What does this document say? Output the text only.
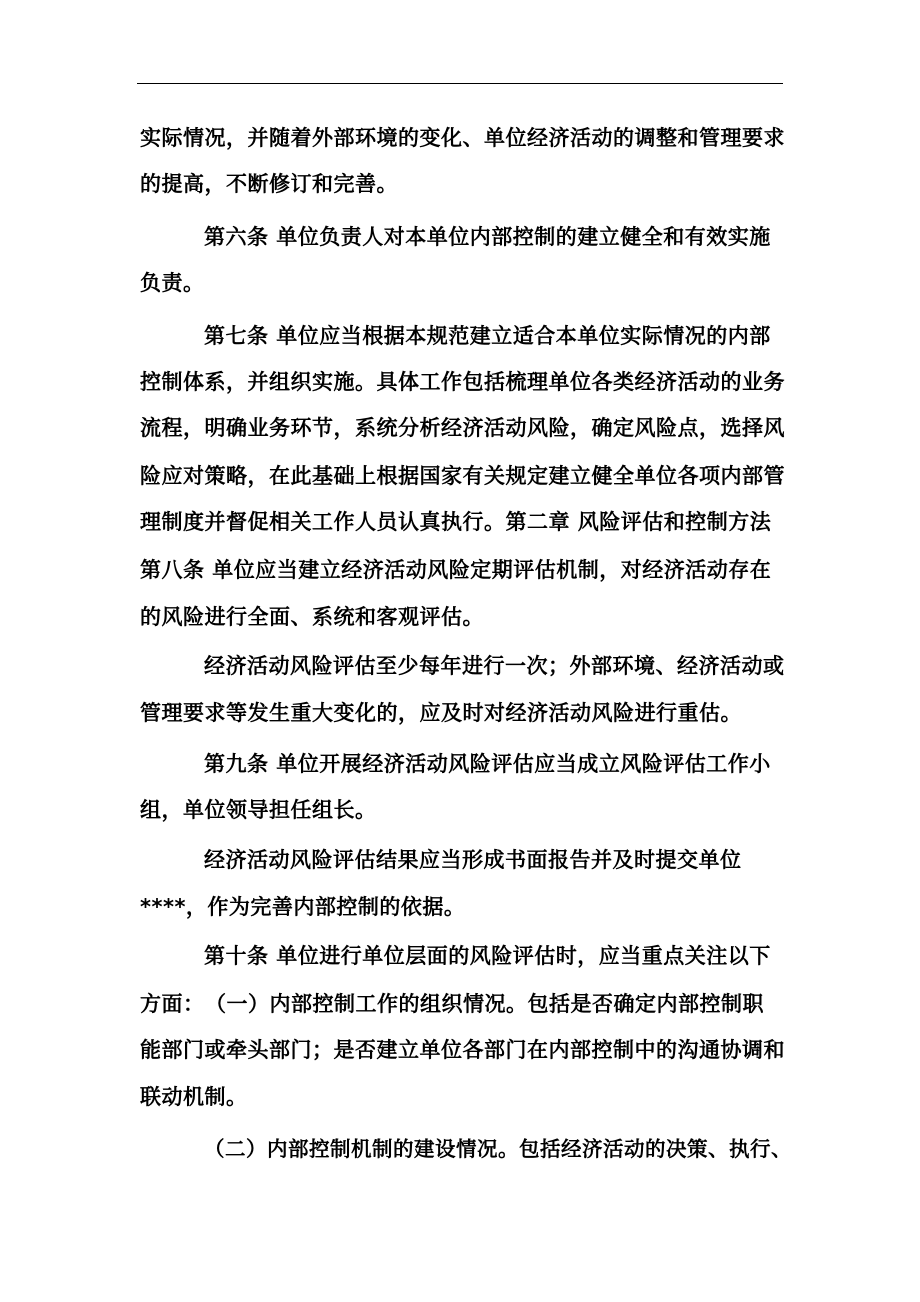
实际情况，并随着外部环境的变化、单位经济活动的调整和管理要求
的提高，不断修订和完善。
第六条 单位负责人对本单位内部控制的建立健全和有效实施
负责。
第七条 单位应当根据本规范建立适合本单位实际情况的内部
控制体系，并组织实施。具体工作包括梳理单位各类经济活动的业务
流程，明确业务环节，系统分析经济活动风险，确定风险点，选择风
险应对策略，在此基础上根据国家有关规定建立健全单位各项内部管
理制度并督促相关工作人员认真执行。第二章 风险评估和控制方法
第八条 单位应当建立经济活动风险定期评估机制，对经济活动存在
的风险进行全面、系统和客观评估。
经济活动风险评估至少每年进行一次；外部环境、经济活动或
管理要求等发生重大变化的，应及时对经济活动风险进行重估。
第九条 单位开展经济活动风险评估应当成立风险评估工作小
组，单位领导担任组长。
经济活动风险评估结果应当形成书面报告并及时提交单位
****，作为完善内部控制的依据。
第十条 单位进行单位层面的风险评估时，应当重点关注以下
方面：　（一）内部控制工作的组织情况。包括是否确定内部控制职
能部门或牵头部门；是否建立单位各部门在内部控制中的沟通协调和
联动机制。
（二）内部控制机制的建设情况。包括经济活动的决策、执行、
